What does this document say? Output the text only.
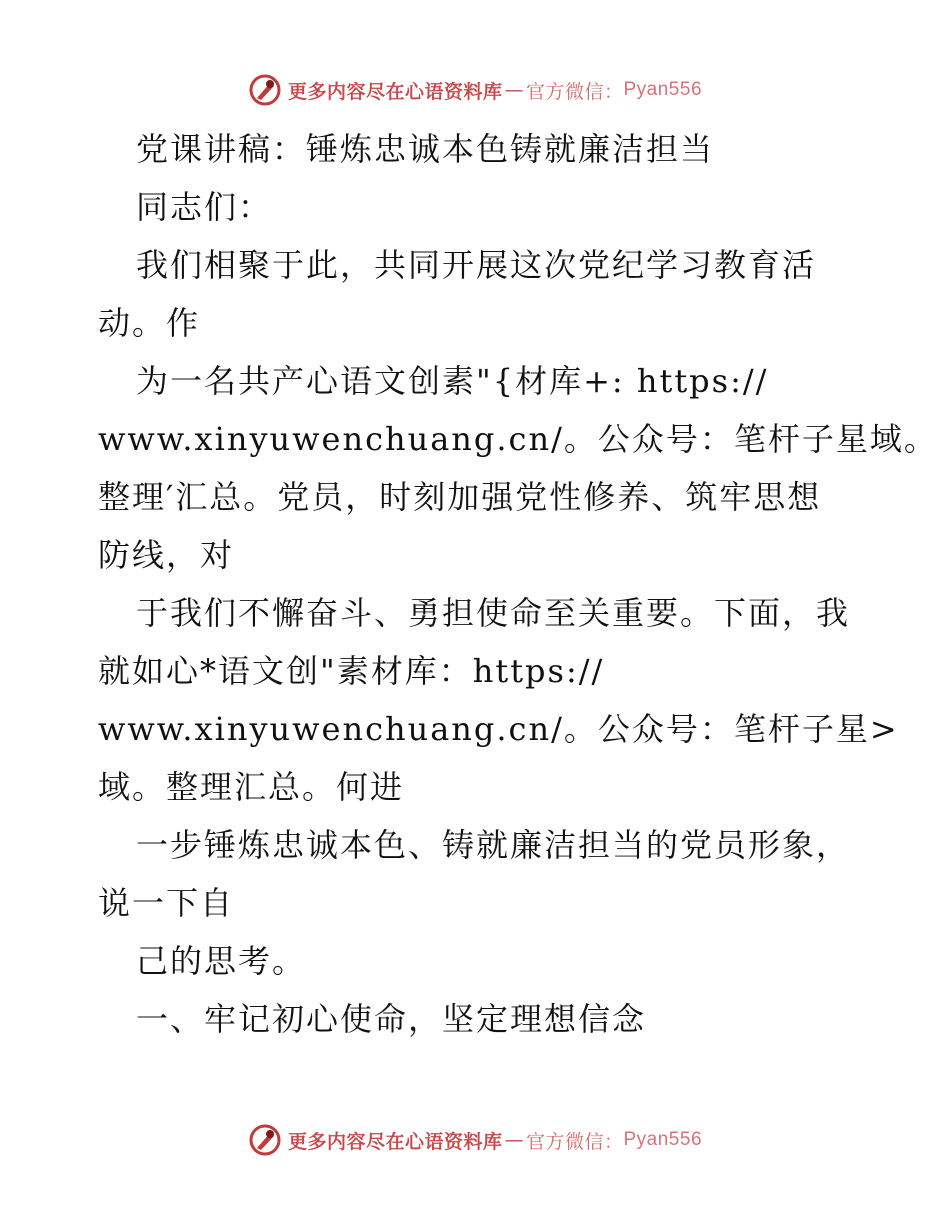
更多内容尽在心语资料库 — 官方微信： Pyan556
党课讲稿：锤炼忠诚本色铸就廉洁担当
同志们：
我们相聚于此，共同开展这次党纪学习教育活
动。作
为一名共产心语文创素"{材库+: https://
www.xinyuwenchuang.cn/。公众号：笔杆子星域。
整理′汇总。党员，时刻加强党性修养、筑牢思想
防线，对
于我们不懈奋斗、勇担使命至关重要。下面，我
就如心*语文创"素材库：https://
www.xinyuwenchuang.cn/。公众号：笔杆子星>
域。整理汇总。何进
一步锤炼忠诚本色、铸就廉洁担当的党员形象，
说一下自
己的思考。
一、牢记初心使命，坚定理想信念
更多内容尽在心语资料库 — 官方微信： Pyan556
